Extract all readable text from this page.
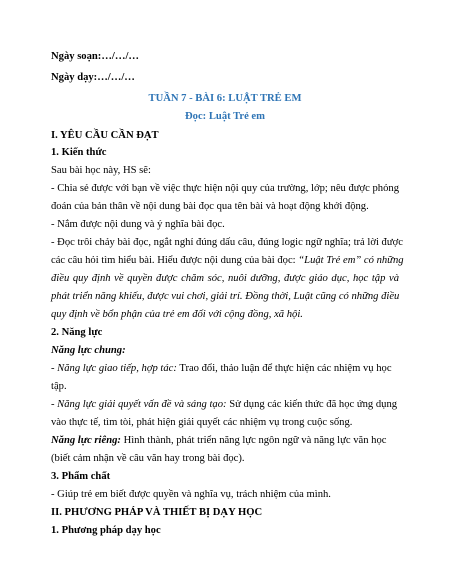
Ngày soạn:…/…/…
Ngày dạy:…/…/…
TUẦN 7 - BÀI 6: LUẬT TRẺ EM
Đọc: Luật Trẻ em
I. YÊU CẦU CẦN ĐẠT
1. Kiến thức
Sau bài học này, HS sẽ:
- Chia sẻ được với bạn về việc thực hiện nội quy của trường, lớp; nêu được phỏng
đoán của bản thân về nội dung bài đọc qua tên bài và hoạt động khởi động.
- Nắm được nội dung và ý nghĩa bài đọc.
- Đọc trôi chảy bài đọc, ngắt nghỉ đúng dấu câu, đúng logic ngữ nghĩa; trả lời được
các câu hỏi tìm hiểu bài. Hiểu được nội dung của bài đọc: “Luật Trẻ em” có những
điều quy định về quyền được chăm sóc, nuôi dưỡng, được giáo dục, học tập và
phát triển năng khiếu, được vui chơi, giải trí. Đồng thời, Luật cũng có những điều
quy định về bổn phận của trẻ em đối với cộng đồng, xã hội.
2. Năng lực
Năng lực chung:
- Năng lực giao tiếp, hợp tác: Trao đổi, thảo luận để thực hiện các nhiệm vụ học
tập.
- Năng lực giải quyết vấn đề và sáng tạo: Sử dụng các kiến thức đã học ứng dụng
vào thực tế, tìm tòi, phát hiện giải quyết các nhiệm vụ trong cuộc sống.
Năng lực riêng: Hình thành, phát triển năng lực ngôn ngữ và năng lực văn học
(biết cảm nhận về câu văn hay trong bài đọc).
3. Phẩm chất
- Giúp trẻ em biết được quyền và nghĩa vụ, trách nhiệm của mình.
II. PHƯƠNG PHÁP VÀ THIẾT BỊ DẠY HỌC
1. Phương pháp dạy học
